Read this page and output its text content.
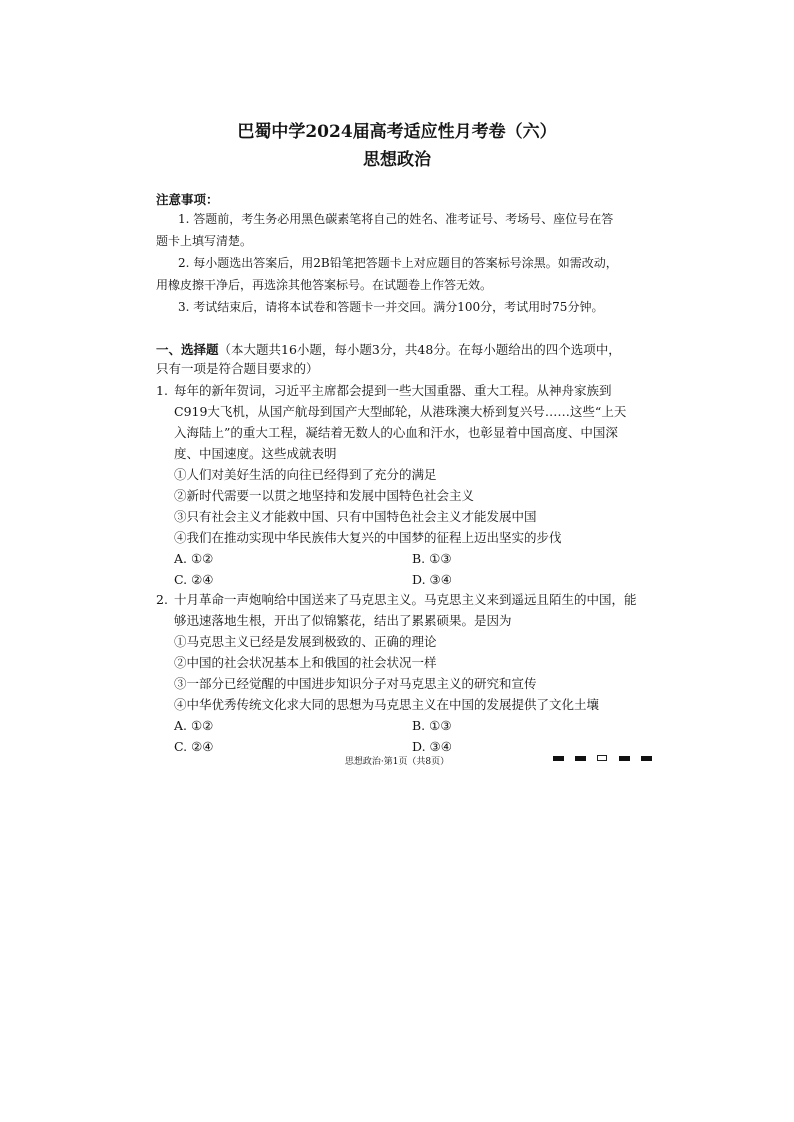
巴蜀中学2024届高考适应性月考卷（六）
思想政治
注意事项：
1. 答题前，考生务必用黑色碳素笔将自己的姓名、准考证号、考场号、座位号在答
题卡上填写清楚。
2. 每小题选出答案后，用2B铅笔把答题卡上对应题目的答案标号涂黑。如需改动，
用橡皮擦干净后，再选涂其他答案标号。在试题卷上作答无效。
3. 考试结束后，请将本试卷和答题卡一并交回。满分100分，考试用时75分钟。
一、选择题（本大题共16小题，每小题3分，共48分。在每小题给出的四个选项中，
只有一项是符合题目要求的）
1. 每年的新年贺词，习近平主席都会提到一些大国重器、重大工程。从神舟家族到
C919大飞机，从国产航母到国产大型邮轮，从港珠澳大桥到复兴号……这些“上天
入海陆上”的重大工程，凝结着无数人的心血和汗水，也彰显着中国高度、中国深
度、中国速度。这些成就表明
①人们对美好生活的向往已经得到了充分的满足
②新时代需要一以贯之地坚持和发展中国特色社会主义
③只有社会主义才能救中国、只有中国特色社会主义才能发展中国
④我们在推动实现中华民族伟大复兴的中国梦的征程上迈出坚实的步伐
A. ①②	B. ①③
C. ②④	D. ③④
2. 十月革命一声炮响给中国送来了马克思主义。马克思主义来到遥远且陌生的中国，能
够迅速落地生根，开出了似锦繁花，结出了累累硕果。是因为
①马克思主义已经是发展到极致的、正确的理论
②中国的社会状况基本上和俄国的社会状况一样
③一部分已经觉醒的中国进步知识分子对马克思主义的研究和宣传
④中华优秀传统文化求大同的思想为马克思主义在中国的发展提供了文化土壤
A. ①②	B. ①③
C. ②④	D. ③④
思想政治·第1页（共8页）
